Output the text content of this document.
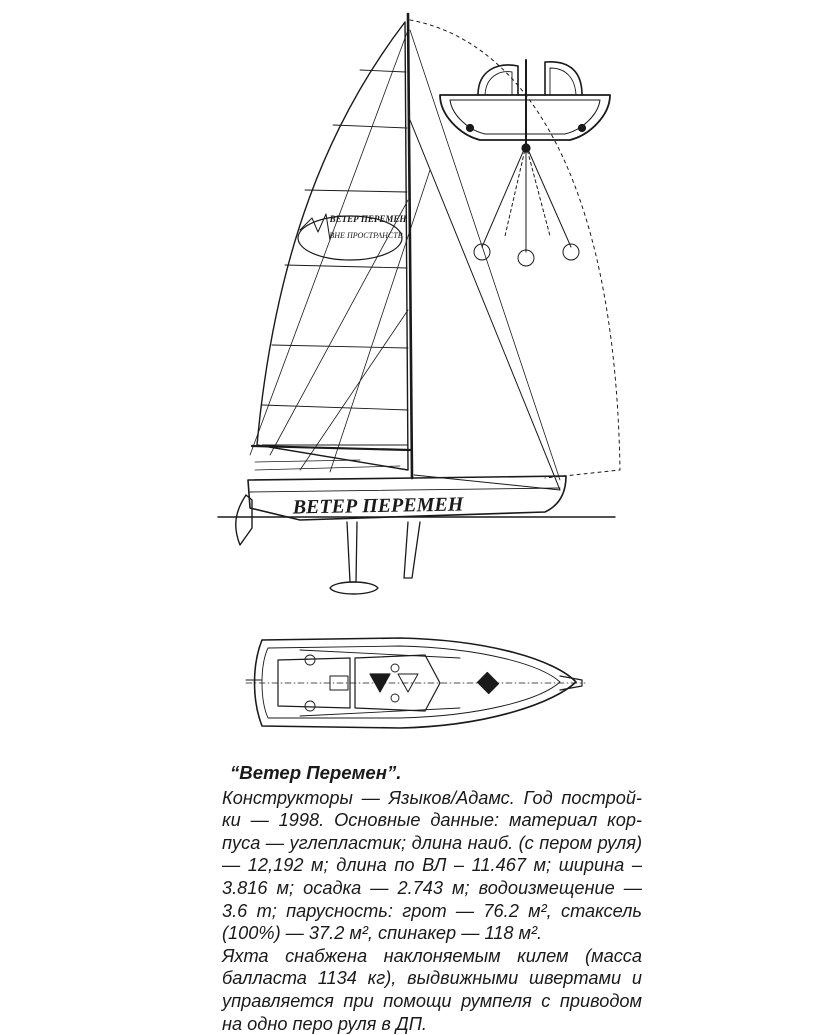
ВЕТЕР ПЕРЕМЕН
ВЕТЕР ПЕРЕМЕН
ВНЕ ПРОСТРАНСТВ
“Ветер Перемен”.
Конструкторы — Языков/Адамс. Год построй-
ки — 1998. Основные данные: материал кор-
пуса — углепластик; длина наиб. (с пером руля)
— 12,192 м; длина по ВЛ – 11.467 м; ширина –
3.816 м; осадка — 2.743 м; водоизмещение —
3.6 т; парусность: грот — 76.2 м², стаксель
(100%) — 37.2 м², спинакер — 118 м².
Яхта снабжена наклоняемым килем (масса
балласта 1134 кг), выдвижными швертами и
управляется при помощи румпеля с приводом
на одно перо руля в ДП.
